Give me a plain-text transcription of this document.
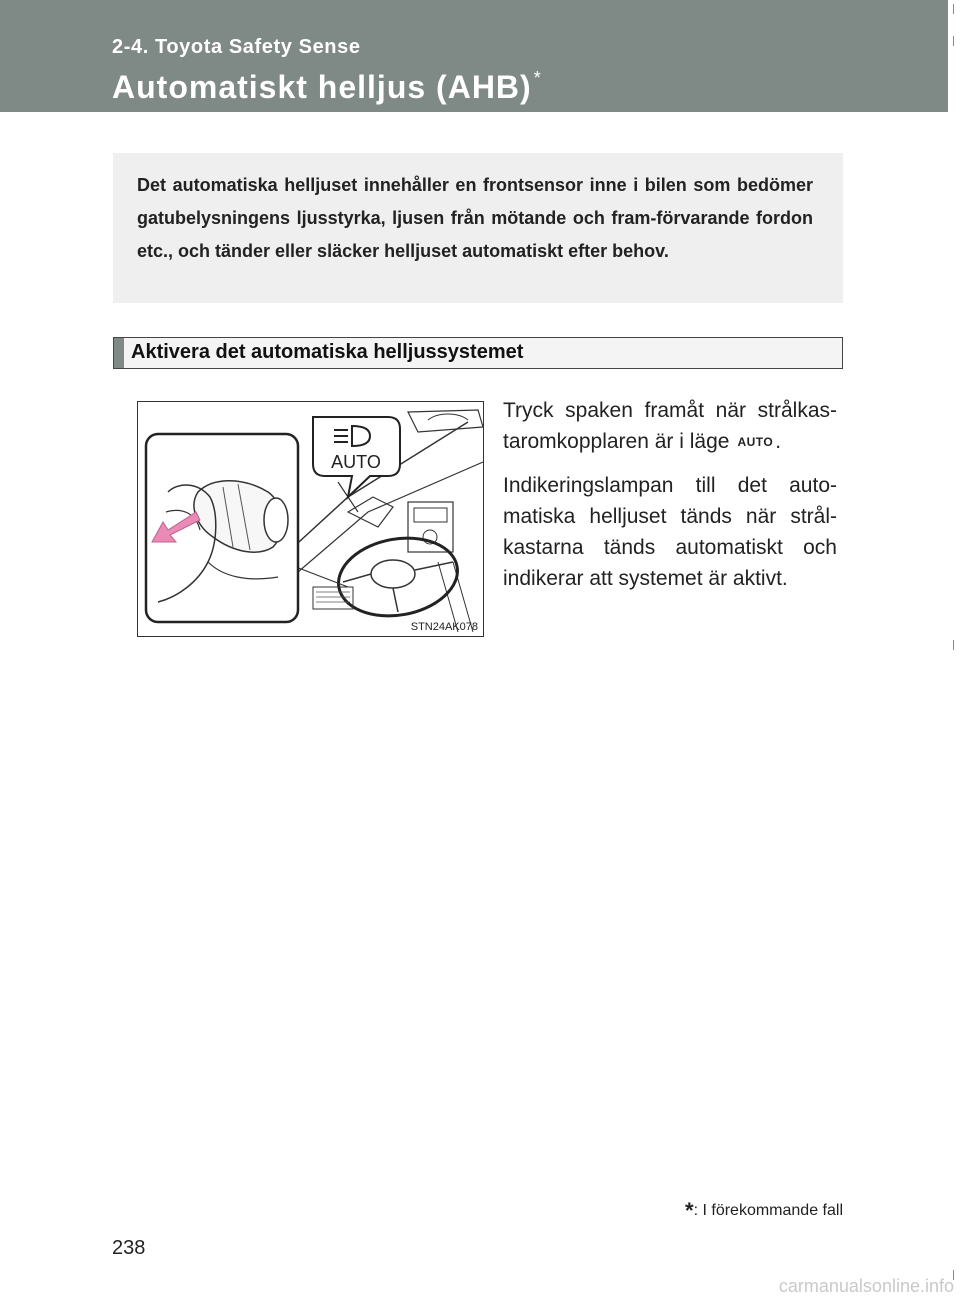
2-4. Toyota Safety Sense
Automatiskt helljus (AHB) *

Det automatiska helljuset innehåller en frontsensor inne i bilen som bedömer gatubelysningens ljusstyrka, ljusen från mötande och fram-förvarande fordon etc., och tänder eller släcker helljuset automatiskt efter behov.

Aktivera det automatiska helljussystemet
AUTO
STN24AK078

Tryck spaken framåt när strålkas-taromkopplaren är i läge AUTO.

Indikeringslampan till det auto-matiska helljuset tänds när strål-kastarna tänds automatiskt och indikerar att systemet är aktivt.

*: I förekommande fall
238
carmanualsonline.info
